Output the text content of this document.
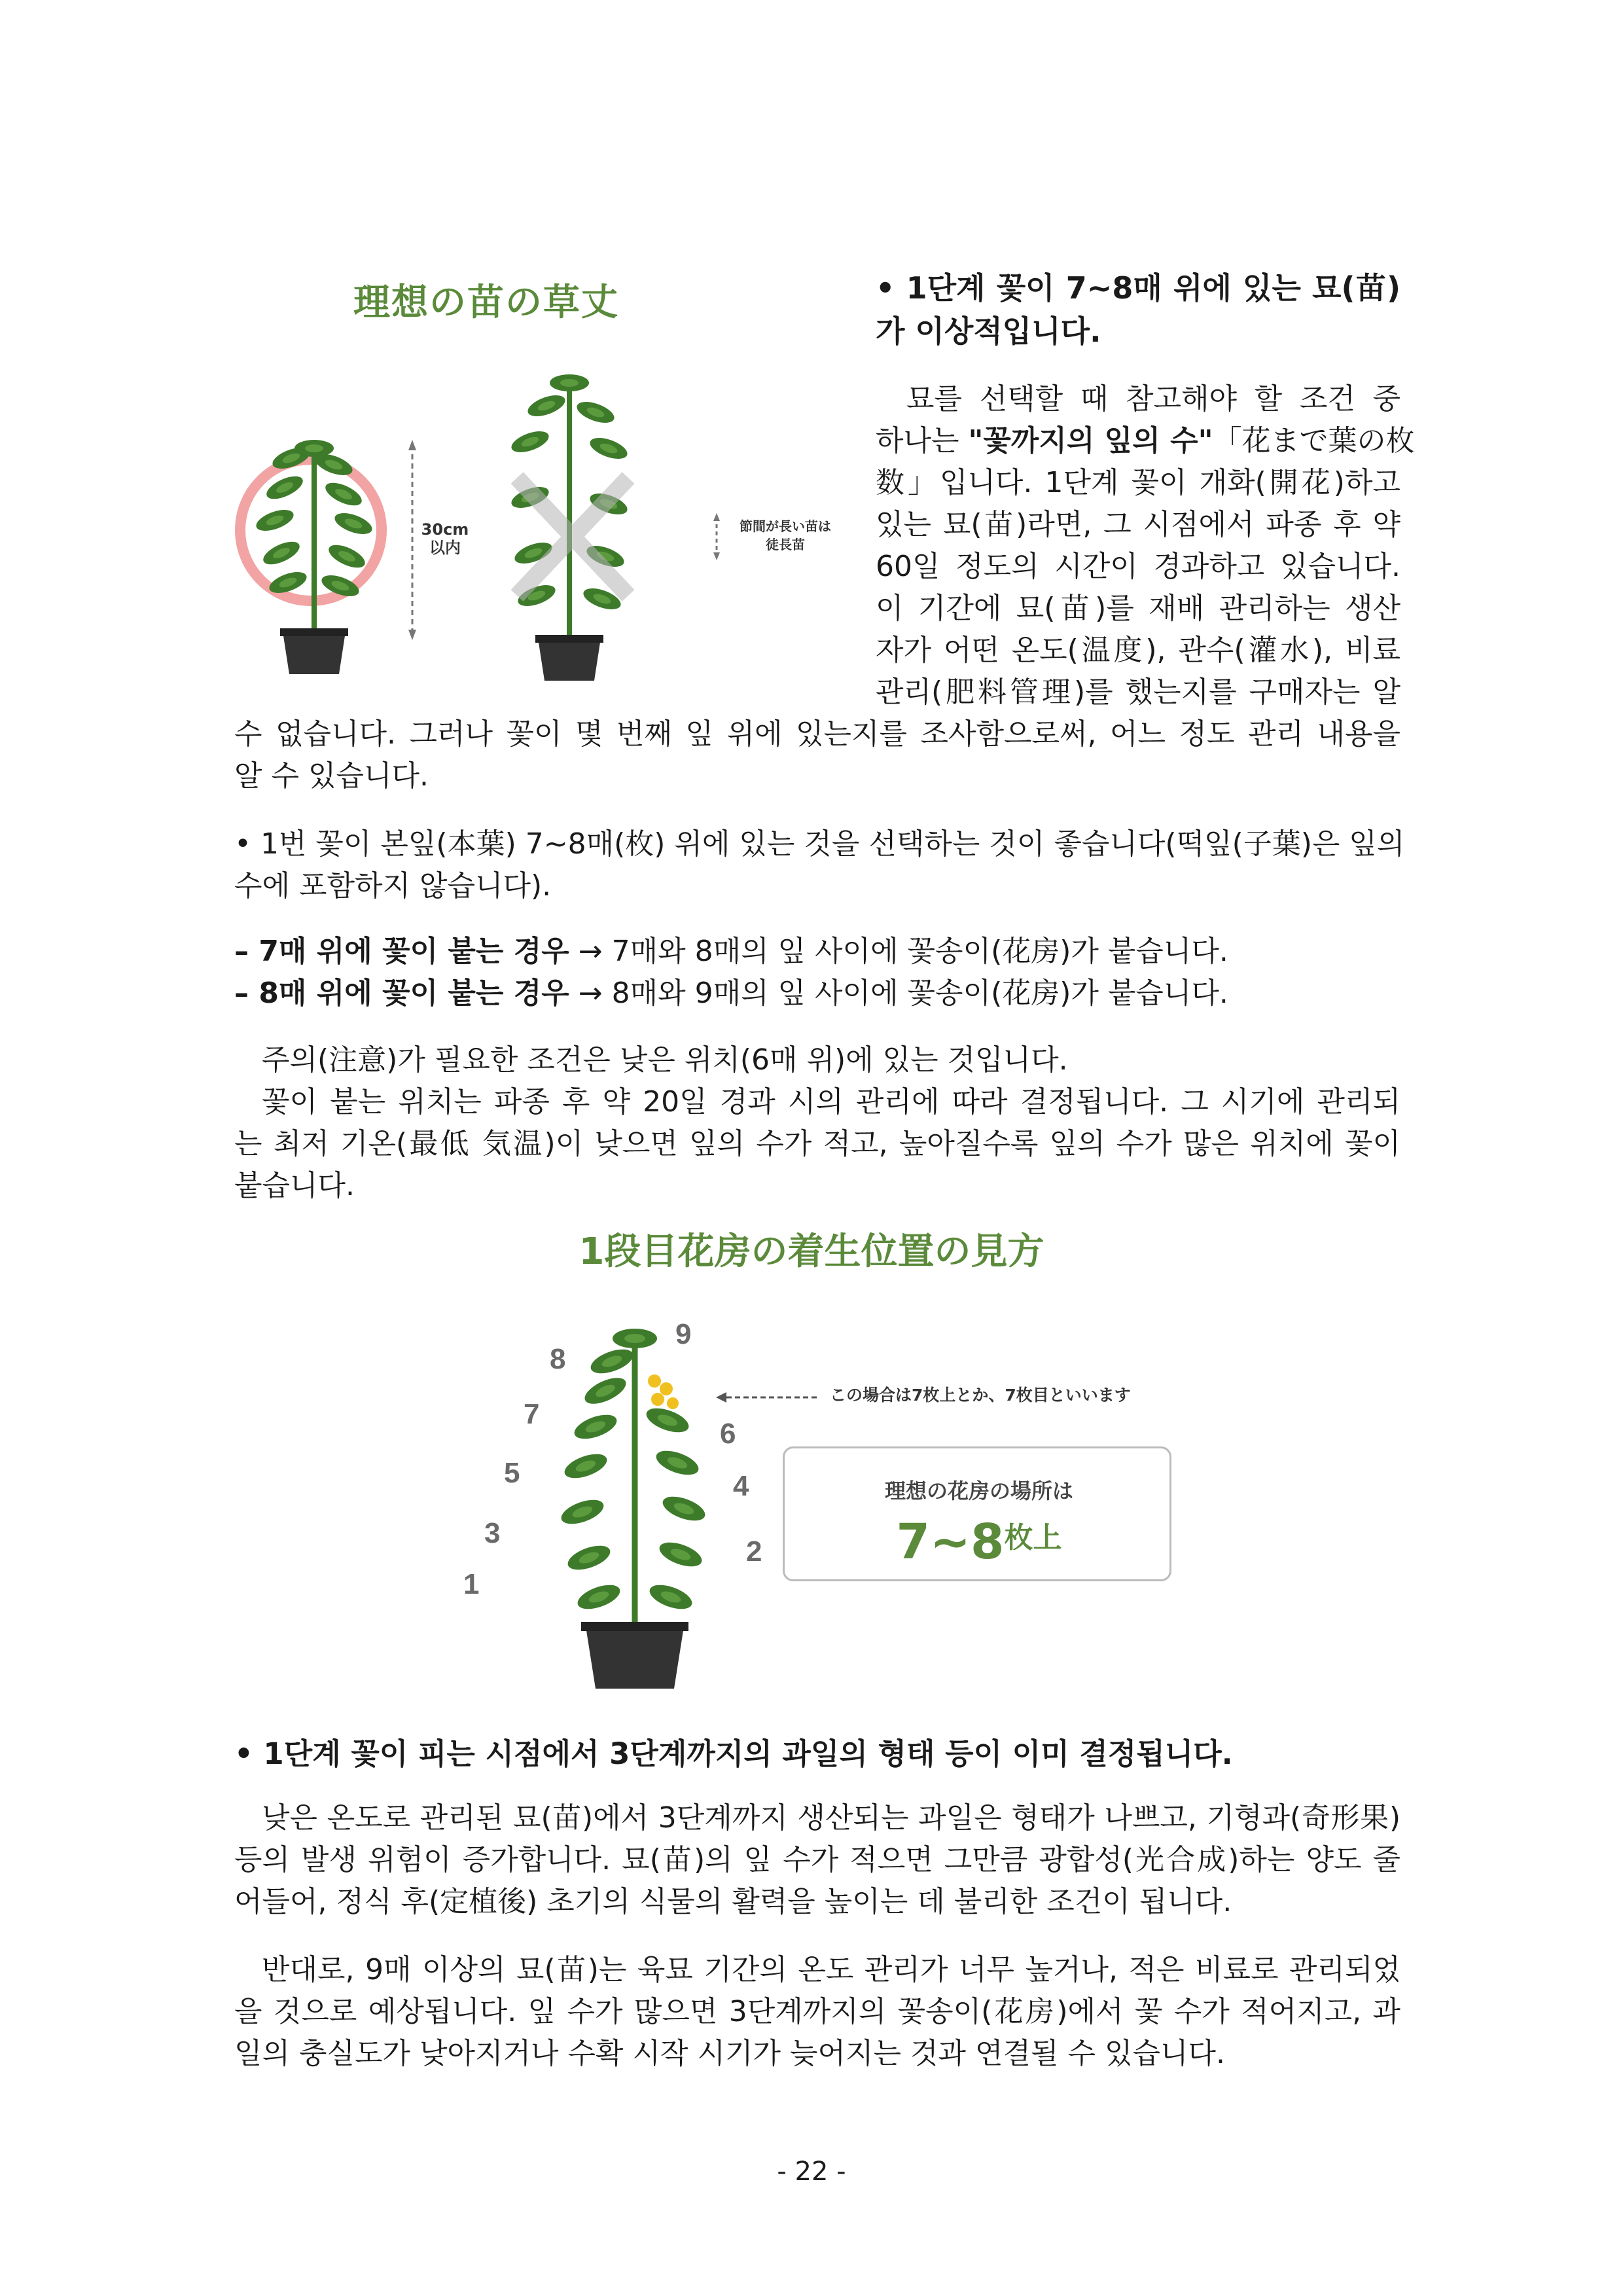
理想の苗の草丈
30cm
以内
節間が長い苗は
徒長苗
• 1단계 꽃이 7~8매 위에 있는 묘(苗)
가 이상적입니다.
묘를 선택할 때 참고해야 할 조건 중
하나는 "꽃까지의 잎의 수"「花まで葉の枚
数」입니다. 1단계 꽃이 개화(開花)하고
있는 묘(苗)라면, 그 시점에서 파종 후 약
60일 정도의 시간이 경과하고 있습니다.
이 기간에 묘(苗)를 재배 관리하는 생산
자가 어떤 온도(温度), 관수(灌水), 비료
관리(肥料管理)를 했는지를 구매자는 알
수 없습니다. 그러나 꽃이 몇 번째 잎 위에 있는지를 조사함으로써, 어느 정도 관리 내용을
알 수 있습니다.
• 1번 꽃이 본잎(本葉) 7~8매(枚) 위에 있는 것을 선택하는 것이 좋습니다(떡잎(子葉)은 잎의
수에 포함하지 않습니다).
– 7매 위에 꽃이 붙는 경우 → 7매와 8매의 잎 사이에 꽃송이(花房)가 붙습니다.
– 8매 위에 꽃이 붙는 경우 → 8매와 9매의 잎 사이에 꽃송이(花房)가 붙습니다.
주의(注意)가 필요한 조건은 낮은 위치(6매 위)에 있는 것입니다.
꽃이 붙는 위치는 파종 후 약 20일 경과 시의 관리에 따라 결정됩니다. 그 시기에 관리되
는 최저 기온(最低 気温)이 낮으면 잎의 수가 적고, 높아질수록 잎의 수가 많은 위치에 꽃이
붙습니다.
1段目花房の着生位置の見方
1
2
3
4
5
6
7
8
9
この場合は7枚上とか、7枚目といいます
理想の花房の場所は
7~8枚上
• 1단계 꽃이 피는 시점에서 3단계까지의 과일의 형태 등이 이미 결정됩니다.
낮은 온도로 관리된 묘(苗)에서 3단계까지 생산되는 과일은 형태가 나쁘고, 기형과(奇形果)
등의 발생 위험이 증가합니다. 묘(苗)의 잎 수가 적으면 그만큼 광합성(光合成)하는 양도 줄
어들어, 정식 후(定植後) 초기의 식물의 활력을 높이는 데 불리한 조건이 됩니다.
반대로, 9매 이상의 묘(苗)는 육묘 기간의 온도 관리가 너무 높거나, 적은 비료로 관리되었
을 것으로 예상됩니다. 잎 수가 많으면 3단계까지의 꽃송이(花房)에서 꽃 수가 적어지고, 과
일의 충실도가 낮아지거나 수확 시작 시기가 늦어지는 것과 연결될 수 있습니다.
- 22 -
